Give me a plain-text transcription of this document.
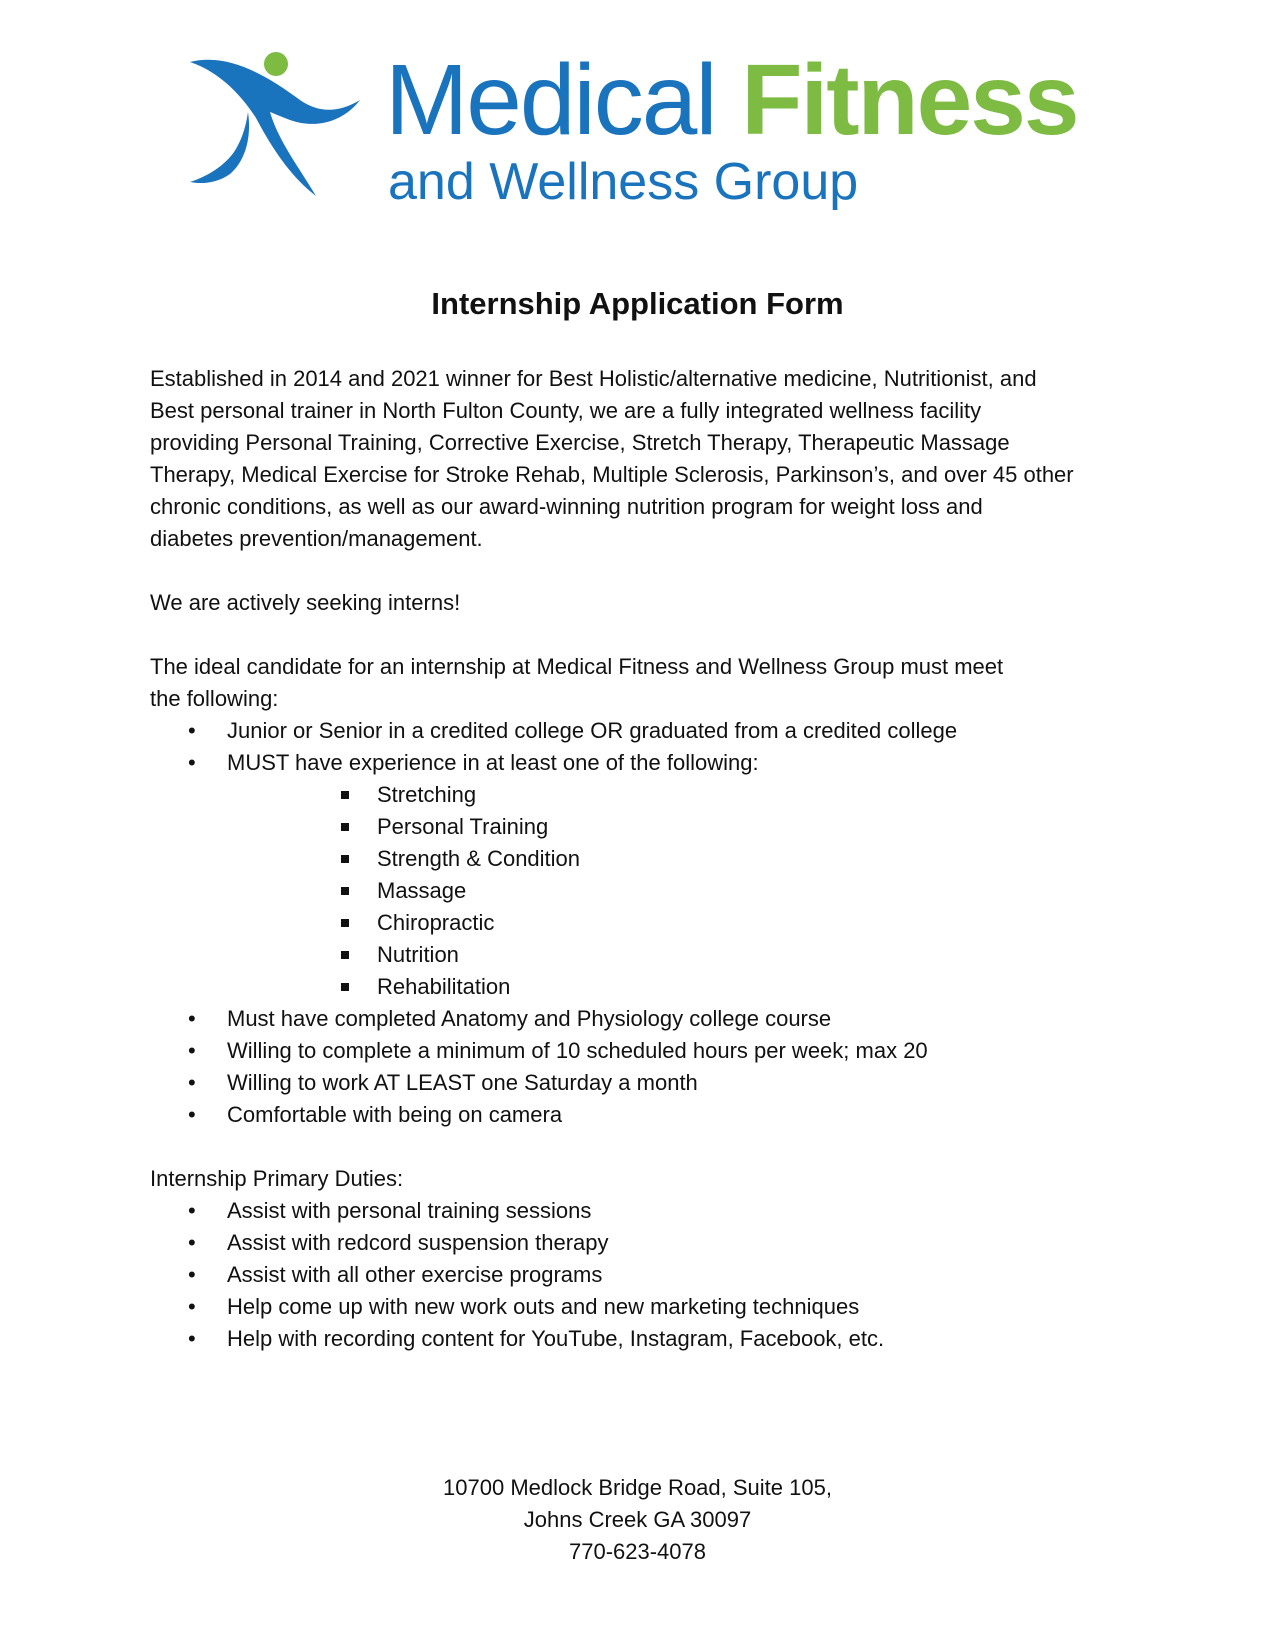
Medical Fitness
and Wellness Group
Internship Application Form

Established in 2014 and 2021 winner for Best Holistic/alternative medicine, Nutritionist, and
Best personal trainer in North Fulton County, we are a fully integrated wellness facility
providing Personal Training, Corrective Exercise, Stretch Therapy, Therapeutic Massage
Therapy, Medical Exercise for Stroke Rehab, Multiple Sclerosis, Parkinson’s, and over 45 other
chronic conditions, as well as our award-winning nutrition program for weight loss and
diabetes prevention/management.

We are actively seeking interns!

The ideal candidate for an internship at Medical Fitness and Wellness Group must meet
the following:

• Junior or Senior in a credited college OR graduated from a credited college
• MUST have experience in at least one of the following:
Stretching
Personal Training
Strength & Condition
Massage
Chiropractic
Nutrition
Rehabilitation
• Must have completed Anatomy and Physiology college course
• Willing to complete a minimum of 10 scheduled hours per week; max 20
• Willing to work AT LEAST one Saturday a month
• Comfortable with being on camera

Internship Primary Duties:

• Assist with personal training sessions
• Assist with redcord suspension therapy
• Assist with all other exercise programs
• Help come up with new work outs and new marketing techniques
• Help with recording content for YouTube, Instagram, Facebook, etc.
10700 Medlock Bridge Road, Suite 105,
Johns Creek GA 30097
770-623-4078
